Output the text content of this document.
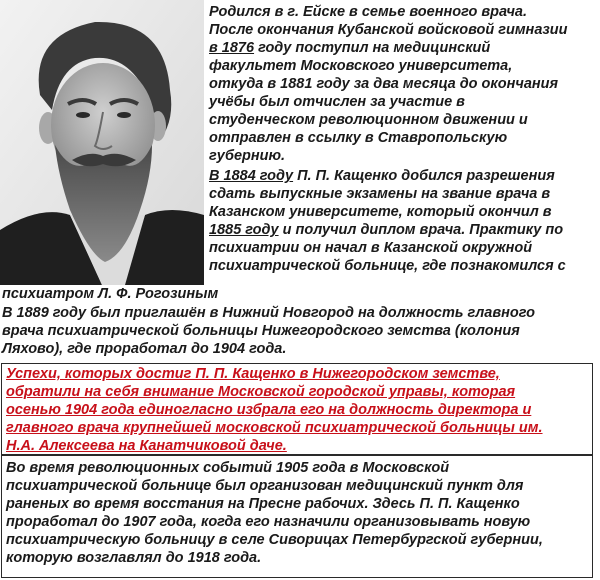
Родился в г. Ейске в семье военного врача.
После окончания Кубанской войсковой гимназии
в 1876 году поступил на медицинский
факультет Московского университета,
откуда в 1881 году за два месяца до окончания
учёбы был отчислен за участие в
студенческом революционном движении и
отправлен в ссылку в Ставропольскую
губернию.
В 1884 году П. П. Кащенко добился разрешения
сдать выпускные экзамены на звание врача в
Казанском университете, который окончил в
1885 году и получил диплом врача. Практику по
психиатрии он начал в Казанской окружной
психиатрической больнице, где познакомился с
психиатром Л. Ф. Рогозиным
В 1889 году был приглашён в Нижний Новгород на должность главного
врача психиатрической больницы Нижегородского земства (колония
Ляхово), где проработал до 1904 года.
Успехи, которых достиг П. П. Кащенко в Нижегородском земстве,
обратили на себя внимание Московской городской управы, которая
осенью 1904 года единогласно избрала его на должность директора и
главного врача крупнейшей московской психиатрической больницы им.
Н.А. Алексеева на Канатчиковой даче.
Во время революционных событий 1905 года в Московской
психиатрической больнице был организован медицинский пункт для
раненых во время восстания на Пресне рабочих. Здесь П. П. Кащенко
проработал до 1907 года, когда его назначили организовывать новую
психиатрическую больницу в селе Сиворицах Петербургской губернии,
которую возглавлял до 1918 года.
